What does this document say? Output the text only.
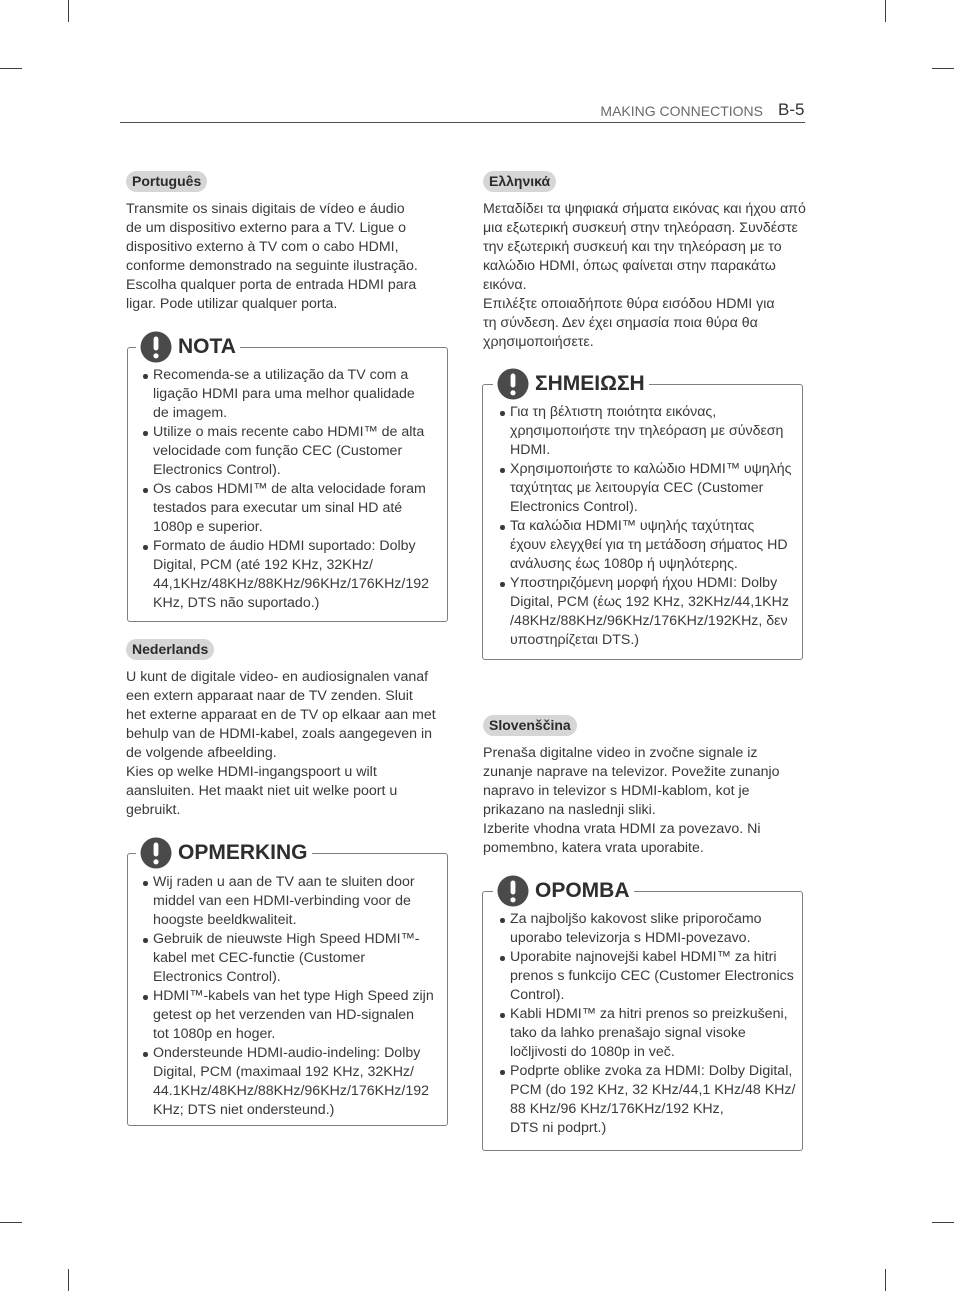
MAKING CONNECTIONS B-5
Português

Transmite os sinais digitais de vídeo e áudio
de um dispositivo externo para a TV. Ligue o
dispositivo externo à TV com o cabo HDMI,
conforme demonstrado na seguinte ilustração.
Escolha qualquer porta de entrada HDMI para
ligar. Pode utilizar qualquer porta.

NOTA
Recomenda-se a utilização da TV com a
ligação HDMI para uma melhor qualidade
de imagem.
Utilize o mais recente cabo HDMI™ de alta
velocidade com função CEC (Customer
Electronics Control).
Os cabos HDMI™ de alta velocidade foram
testados para executar um sinal HD até
1080p e superior.
Formato de áudio HDMI suportado: Dolby
Digital, PCM (até 192 KHz, 32KHz/
44,1KHz/48KHz/88KHz/96KHz/176KHz/192
KHz, DTS não suportado.)
Nederlands

U kunt de digitale video- en audiosignalen vanaf
een extern apparaat naar de TV zenden. Sluit
het externe apparaat en de TV op elkaar aan met
behulp van de HDMI-kabel, zoals aangegeven in
de volgende afbeelding.
Kies op welke HDMI-ingangspoort u wilt
aansluiten. Het maakt niet uit welke poort u
gebruikt.

OPMERKING
Wij raden u aan de TV aan te sluiten door
middel van een HDMI-verbinding voor de
hoogste beeldkwaliteit.
Gebruik de nieuwste High Speed HDMI™-
kabel met CEC-functie (Customer
Electronics Control).
HDMI™-kabels van het type High Speed zijn
getest op het verzenden van HD-signalen
tot 1080p en hoger.
Ondersteunde HDMI-audio-indeling: Dolby
Digital, PCM (maximaal 192 KHz, 32KHz/
44.1KHz/48KHz/88KHz/96KHz/176KHz/192
KHz; DTS niet ondersteund.)
Ελληνικά

Μεταδίδει τα ψηφιακά σήματα εικόνας και ήχου από
μια εξωτερική συσκευή στην τηλεόραση. Συνδέστε
την εξωτερική συσκευή και την τηλεόραση με το
καλώδιο HDMI, όπως φαίνεται στην παρακάτω
εικόνα.
Επιλέξτε οποιαδήποτε θύρα εισόδου HDMI για
τη σύνδεση. Δεν έχει σημασία ποια θύρα θα
χρησιμοποιήσετε.

ΣΗΜΕΙΩΣΗ
Για τη βέλτιστη ποιότητα εικόνας,
χρησιμοποιήστε την τηλεόραση με σύνδεση
HDMI.
Χρησιμοποιήστε το καλώδιο HDMI™ υψηλής
ταχύτητας με λειτουργία CEC (Customer
Electronics Control).
Τα καλώδια HDMI™ υψηλής ταχύτητας
έχουν ελεγχθεί για τη μετάδοση σήματος HD
ανάλυσης έως 1080p ή υψηλότερης.
Υποστηριζόμενη μορφή ήχου HDMI: Dolby
Digital, PCM (έως 192 KHz, 32KHz/44,1KHz
/48KHz/88KHz/96KHz/176KHz/192KHz, δεν
υποστηρίζεται DTS.)
Slovenščina

Prenaša digitalne video in zvočne signale iz
zunanje naprave na televizor. Povežite zunanjo
napravo in televizor s HDMI-kablom, kot je
prikazano na naslednji sliki.
Izberite vhodna vrata HDMI za povezavo. Ni
pomembno, katera vrata uporabite.

OPOMBA
Za najboljšo kakovost slike priporočamo
uporabo televizorja s HDMI-povezavo.
Uporabite najnovejši kabel HDMI™ za hitri
prenos s funkcijo CEC (Customer Electronics
Control).
Kabli HDMI™ za hitri prenos so preizkušeni,
tako da lahko prenašajo signal visoke
ločljivosti do 1080p in več.
Podprte oblike zvoka za HDMI: Dolby Digital,
PCM (do 192 KHz, 32 KHz/44,1 KHz/48 KHz/
88 KHz/96 KHz/176KHz/192 KHz,
DTS ni podprt.)
